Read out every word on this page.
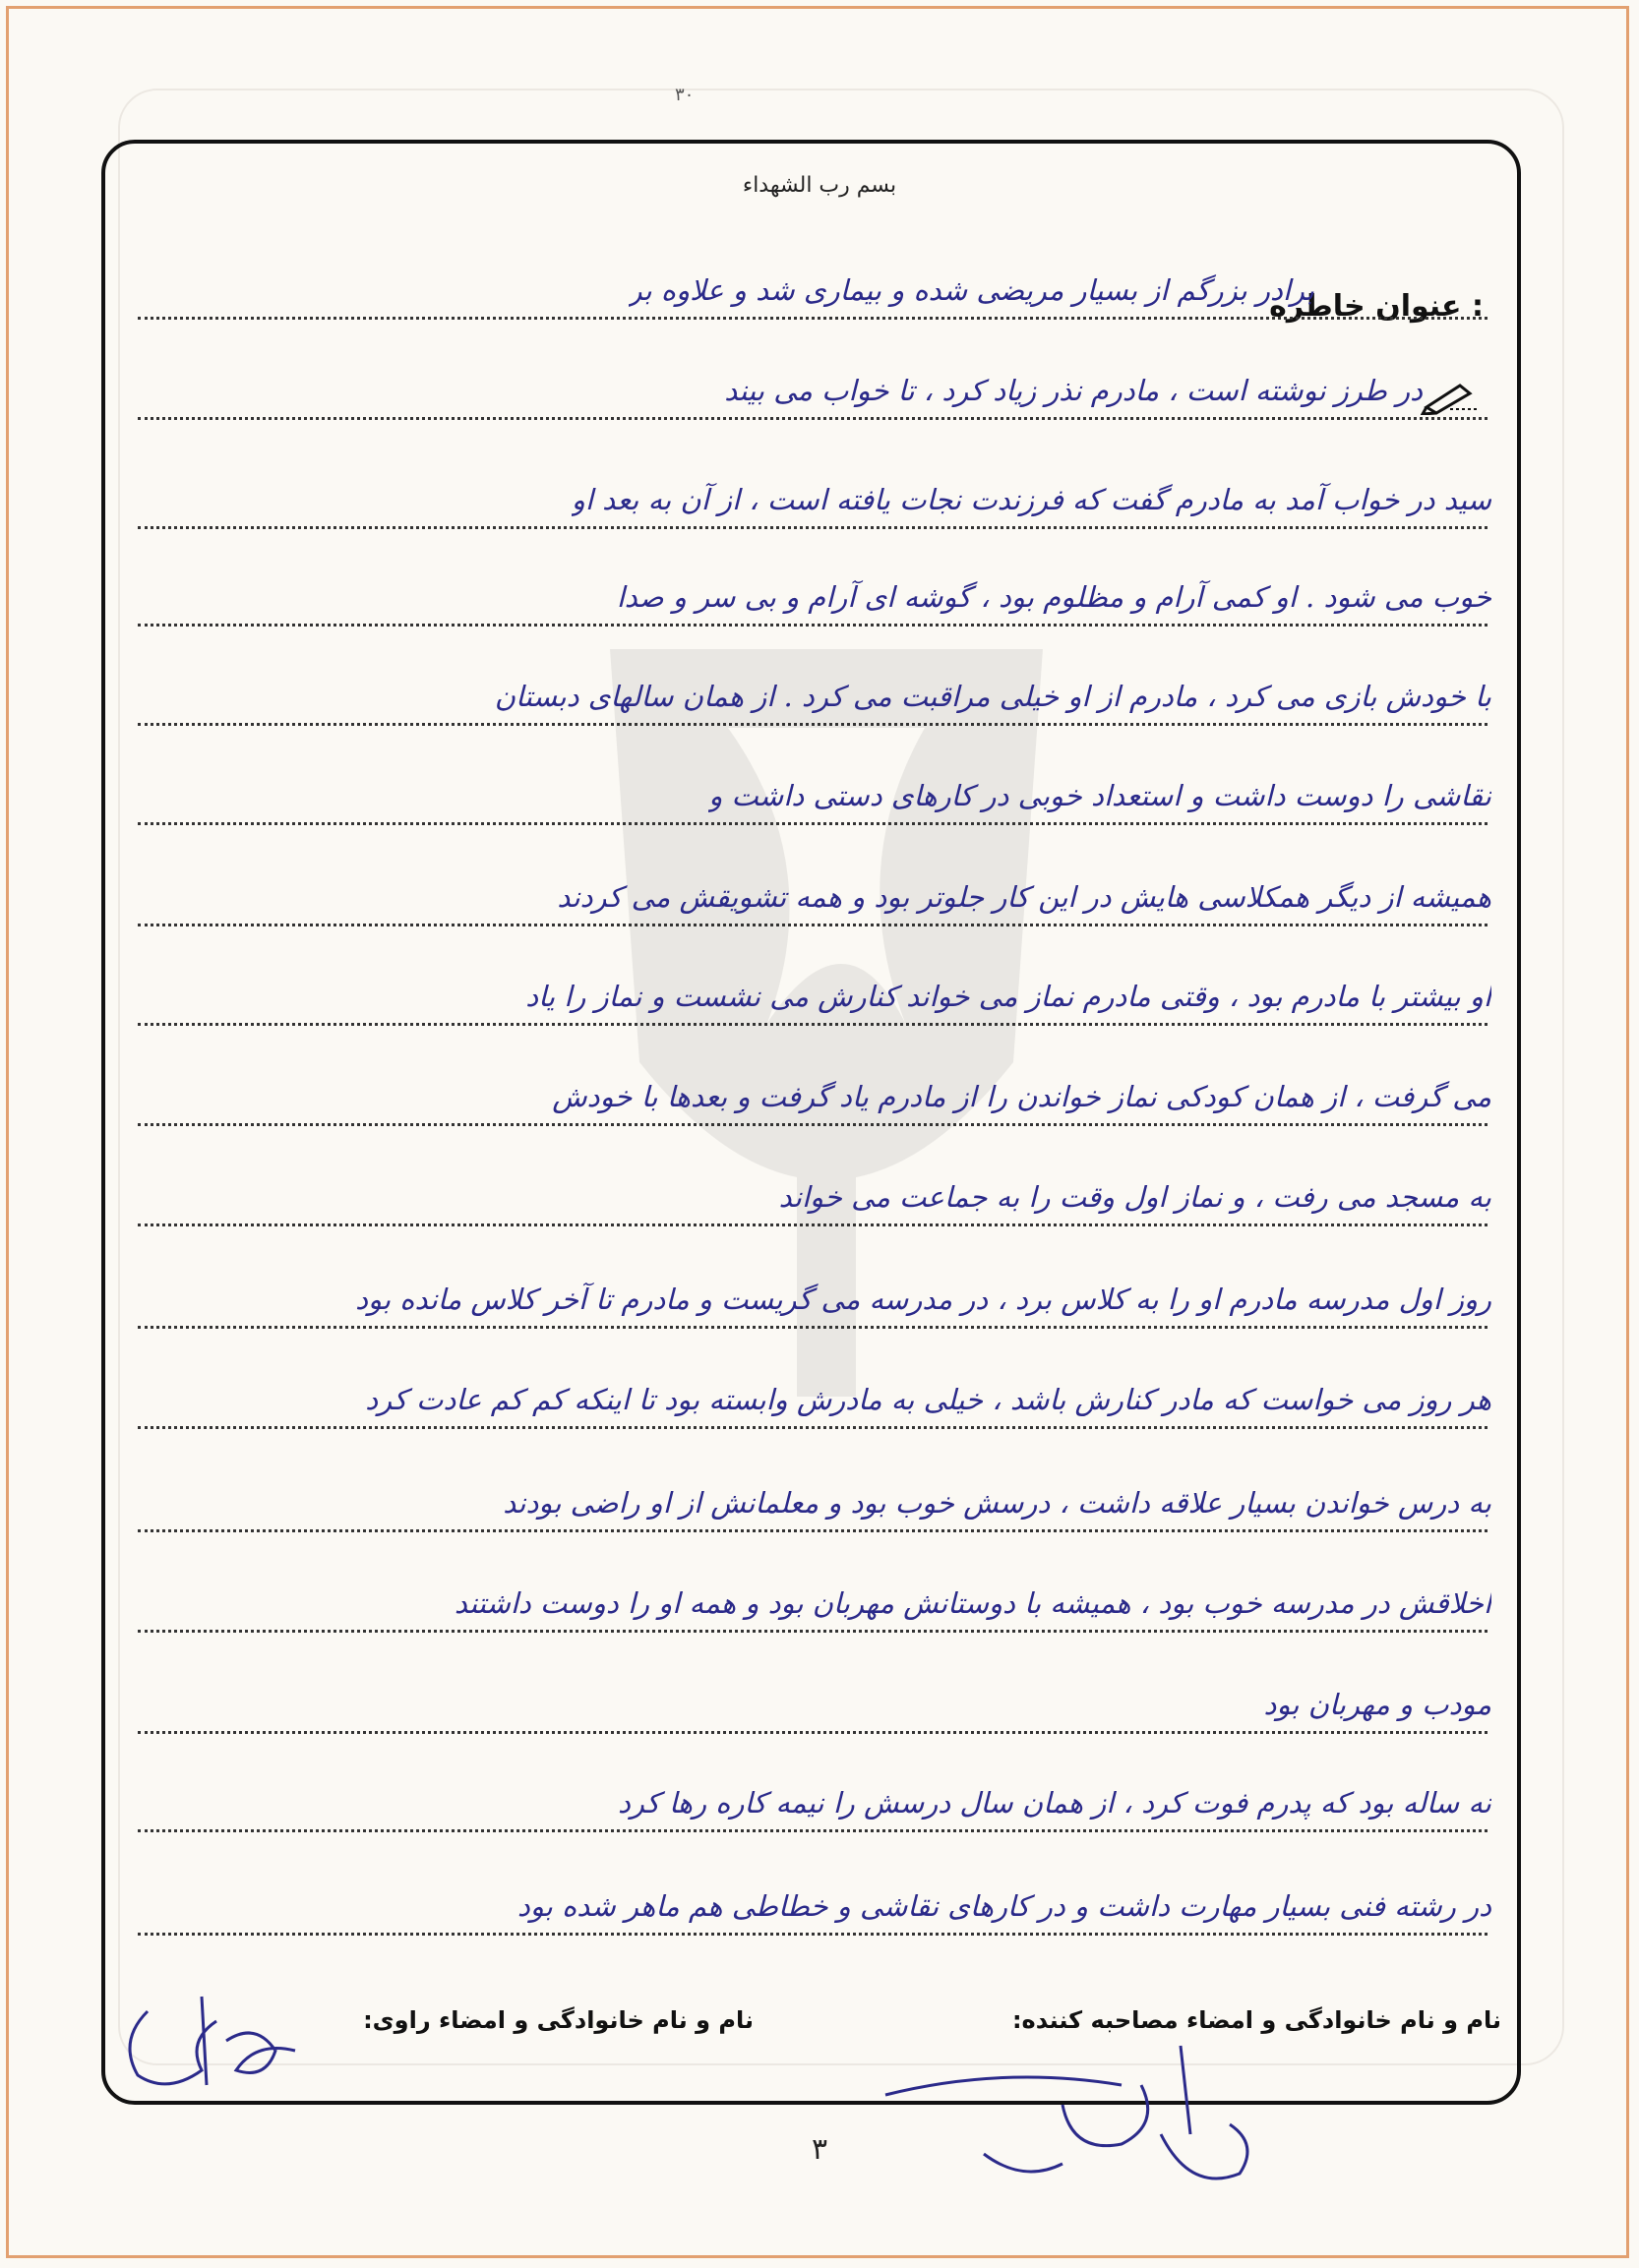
٣٠
بسم رب الشهداء
عنوان خاطره :
برادر بزرگم از بسیار مریضی شده و بیماری شد و علاوه بر
در طرز نوشته است ، مادرم نذر زیاد کرد ، تا خواب می بیند
سید در خواب آمد به مادرم گفت که فرزندت نجات یافته است ، از آن به بعد او
خوب می شود . او کمی آرام و مظلوم بود ، گوشه ای آرام و بی سر و صدا
با خودش بازی می کرد ، مادرم از او خیلی مراقبت می کرد . از همان سالهای دبستان
نقاشی را دوست داشت و استعداد خوبی در کارهای دستی داشت و
همیشه از دیگر همکلاسی هایش در این کار جلوتر بود و همه تشویقش می کردند
او بیشتر با مادرم بود ، وقتی مادرم نماز می خواند کنارش می نشست و نماز را یاد
می گرفت ، از همان کودکی نماز خواندن را از مادرم یاد گرفت و بعدها با خودش
به مسجد می رفت ، و نماز اول وقت را به جماعت می خواند
روز اول مدرسه مادرم او را به کلاس برد ، در مدرسه می گریست و مادرم تا آخر کلاس مانده بود
هر روز می خواست که مادر کنارش باشد ، خیلی به مادرش وابسته بود تا اینکه کم کم عادت کرد
به درس خواندن بسیار علاقه داشت ، درسش خوب بود و معلمانش از او راضی بودند
اخلاقش در مدرسه خوب بود ، همیشه با دوستانش مهربان بود و همه او را دوست داشتند
مودب و مهربان بود
نه ساله بود که پدرم فوت کرد ، از همان سال درسش را نیمه کاره رها کرد
در رشته فنی بسیار مهارت داشت و در کارهای نقاشی و خطاطی هم ماهر شده بود
نام و نام خانوادگی و امضاء مصاحبه کننده:
نام و نام خانوادگی و امضاء راوی:
۳
